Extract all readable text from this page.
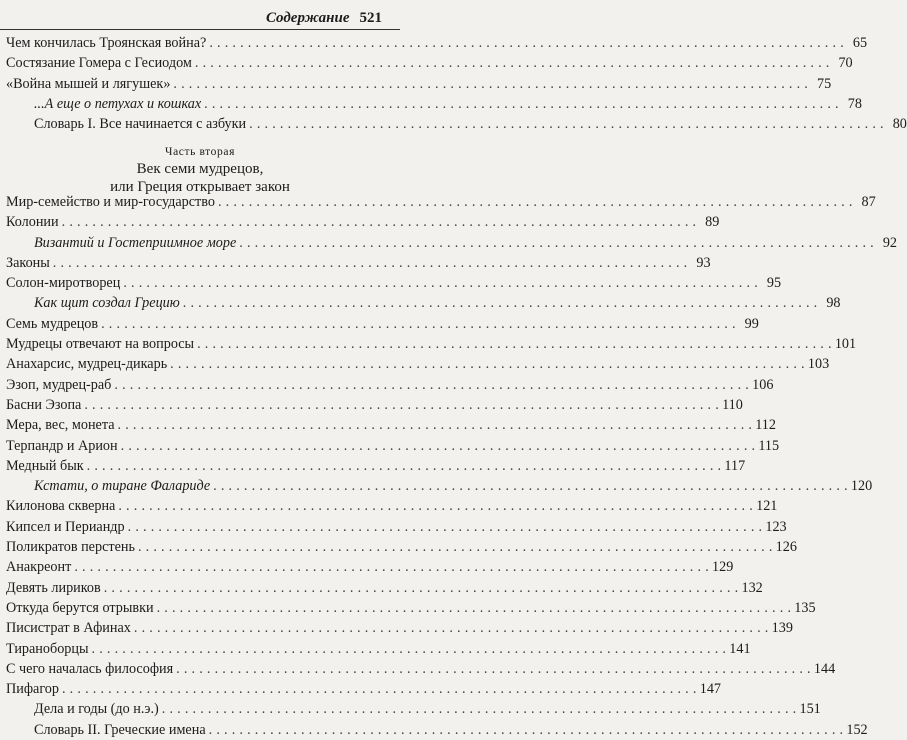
Содержание 521
Чем кончилась Троянская война? . . .	65
Состязание Гомера с Гесиодом . . .	70
«Война мышей и лягушек» . . .	75
...А еще о петухах и кошках . . .	78
Словарь I. Все начинается с азбуки . . .	80
Часть вторая
Век семи мудрецов,
или Греция открывает закон
Мир-семейство и мир-государство . . .	87
Колонии . . .	89
Византий и Гостеприимное море . . .	92
Законы . . .	93
Солон-миротворец . . .	95
Как щит создал Грецию . . .	98
Семь мудрецов . . .	99
Мудрецы отвечают на вопросы . . .	101
Анахарсис, мудрец-дикарь . . .	103
Эзоп, мудрец-раб . . .	106
Басни Эзопа . . .	110
Мера, вес, монета . . .	112
Терпандр и Арион . . .	115
Медный бык . . .	117
Кстати, о тиране Фалариде . . .	120
Килонова скверна . . .	121
Кипсел и Периандр . . .	123
Поликратов перстень . . .	126
Анакреонт . . .	129
Девять лириков . . .	132
Откуда берутся отрывки . . .	135
Писистрат в Афинах . . .	139
Тираноборцы . . .	141
С чего началась философия . . .	144
Пифагор . . .	147
Дела и годы (до н.э.) . . .	151
Словарь II. Греческие имена . . .	152
